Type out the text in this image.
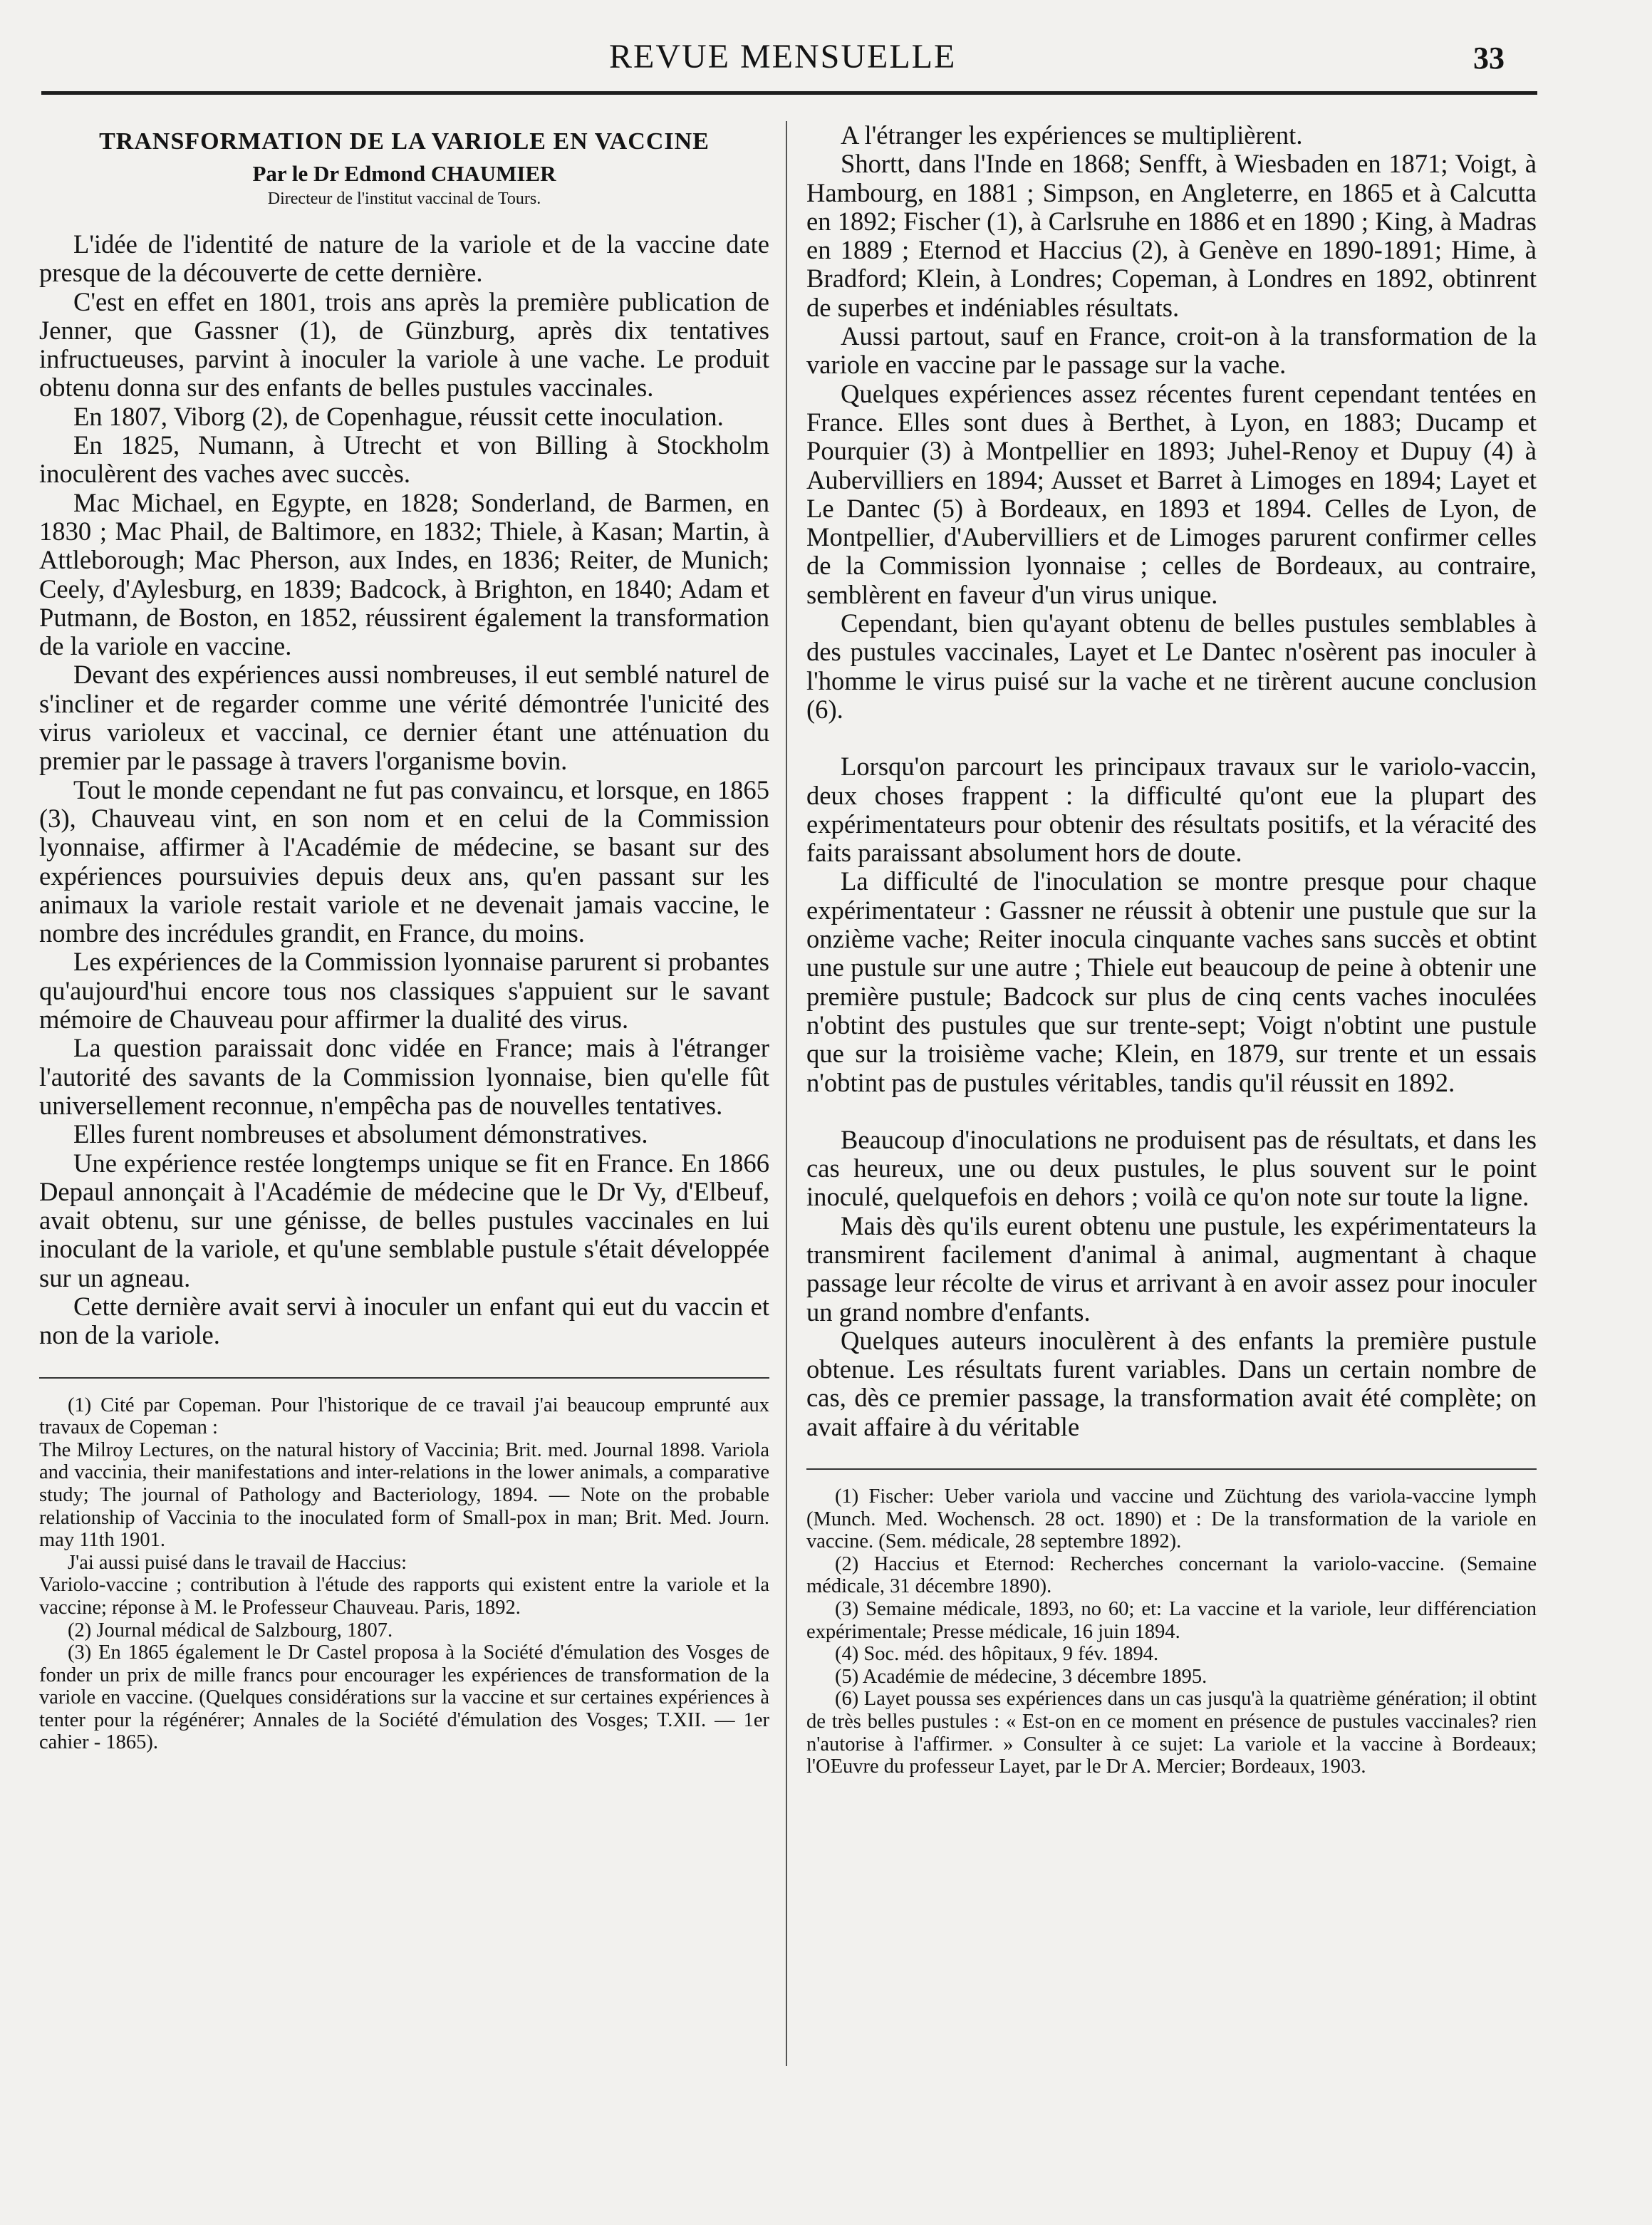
REVUE MENSUELLE	33
TRANSFORMATION DE LA VARIOLE EN VACCINE
Par le Dr Edmond CHAUMIER
Directeur de l'institut vaccinal de Tours.

L'idée de l'identité de nature de la variole et de la vaccine date presque de la découverte de cette dernière.

C'est en effet en 1801, trois ans après la première publication de Jenner, que Gassner (1), de Günzburg, après dix tentatives infructueuses, parvint à inoculer la variole à une vache. Le produit obtenu donna sur des enfants de belles pustules vaccinales.

En 1807, Viborg (2), de Copenhague, réussit cette inoculation.

En 1825, Numann, à Utrecht et von Billing à Stockholm inoculèrent des vaches avec succès.

Mac Michael, en Egypte, en 1828; Sonderland, de Barmen, en 1830 ; Mac Phail, de Baltimore, en 1832; Thiele, à Kasan; Martin, à Attleborough; Mac Pherson, aux Indes, en 1836; Reiter, de Munich; Ceely, d'Aylesburg, en 1839; Badcock, à Brighton, en 1840; Adam et Putmann, de Boston, en 1852, réussirent également la transformation de la variole en vaccine.

Devant des expériences aussi nombreuses, il eut semblé naturel de s'incliner et de regarder comme une vérité démontrée l'unicité des virus varioleux et vaccinal, ce dernier étant une atténuation du premier par le passage à travers l'organisme bovin.

Tout le monde cependant ne fut pas convaincu, et lorsque, en 1865 (3), Chauveau vint, en son nom et en celui de la Commission lyonnaise, affirmer à l'Académie de médecine, se basant sur des expériences poursuivies depuis deux ans, qu'en passant sur les animaux la variole restait variole et ne devenait jamais vaccine, le nombre des incrédules grandit, en France, du moins.

Les expériences de la Commission lyonnaise parurent si probantes qu'aujourd'hui encore tous nos classiques s'appuient sur le savant mémoire de Chauveau pour affirmer la dualité des virus.

La question paraissait donc vidée en France; mais à l'étranger l'autorité des savants de la Commission lyonnaise, bien qu'elle fût universellement reconnue, n'empêcha pas de nouvelles tentatives.

Elles furent nombreuses et absolument démonstratives.

Une expérience restée longtemps unique se fit en France. En 1866 Depaul annonçait à l'Académie de médecine que le Dr Vy, d'Elbeuf, avait obtenu, sur une génisse, de belles pustules vaccinales en lui inoculant de la variole, et qu'une semblable pustule s'était développée sur un agneau.

Cette dernière avait servi à inoculer un enfant qui eut du vaccin et non de la variole.

(1) Cité par Copeman. Pour l'historique de ce travail j'ai beaucoup emprunté aux travaux de Copeman :

The Milroy Lectures, on the natural history of Vaccinia; Brit. med. Journal 1898. Variola and vaccinia, their manifestations and inter-relations in the lower animals, a comparative study; The journal of Pathology and Bacteriology, 1894. — Note on the probable relationship of Vaccinia to the inoculated form of Small-pox in man; Brit. Med. Journ. may 11th 1901.

J'ai aussi puisé dans le travail de Haccius:

Variolo-vaccine ; contribution à l'étude des rapports qui existent entre la variole et la vaccine; réponse à M. le Professeur Chauveau. Paris, 1892.

(2) Journal médical de Salzbourg, 1807.

(3) En 1865 également le Dr Castel proposa à la Société d'émulation des Vosges de fonder un prix de mille francs pour encourager les expériences de transformation de la variole en vaccine. (Quelques considérations sur la vaccine et sur certaines expériences à tenter pour la régénérer; Annales de la Société d'émulation des Vosges; T.XII. — 1er cahier - 1865).

A l'étranger les expériences se multiplièrent.

Shortt, dans l'Inde en 1868; Senfft, à Wiesbaden en 1871; Voigt, à Hambourg, en 1881 ; Simpson, en Angleterre, en 1865 et à Calcutta en 1892; Fischer (1), à Carlsruhe en 1886 et en 1890 ; King, à Madras en 1889 ; Eternod et Haccius (2), à Genève en 1890-1891; Hime, à Bradford; Klein, à Londres; Copeman, à Londres en 1892, obtinrent de superbes et indéniables résultats.

Aussi partout, sauf en France, croit-on à la transformation de la variole en vaccine par le passage sur la vache.

Quelques expériences assez récentes furent cependant tentées en France. Elles sont dues à Berthet, à Lyon, en 1883; Ducamp et Pourquier (3) à Montpellier en 1893; Juhel-Renoy et Dupuy (4) à Aubervilliers en 1894; Ausset et Barret à Limoges en 1894; Layet et Le Dantec (5) à Bordeaux, en 1893 et 1894. Celles de Lyon, de Montpellier, d'Aubervilliers et de Limoges parurent confirmer celles de la Commission lyonnaise ; celles de Bordeaux, au contraire, semblèrent en faveur d'un virus unique.

Cependant, bien qu'ayant obtenu de belles pustules semblables à des pustules vaccinales, Layet et Le Dantec n'osèrent pas inoculer à l'homme le virus puisé sur la vache et ne tirèrent aucune conclusion (6).

Lorsqu'on parcourt les principaux travaux sur le variolo-vaccin, deux choses frappent : la difficulté qu'ont eue la plupart des expérimentateurs pour obtenir des résultats positifs, et la véracité des faits paraissant absolument hors de doute.

La difficulté de l'inoculation se montre presque pour chaque expérimentateur : Gassner ne réussit à obtenir une pustule que sur la onzième vache; Reiter inocula cinquante vaches sans succès et obtint une pustule sur une autre ; Thiele eut beaucoup de peine à obtenir une première pustule; Badcock sur plus de cinq cents vaches inoculées n'obtint des pustules que sur trente-sept; Voigt n'obtint une pustule que sur la troisième vache; Klein, en 1879, sur trente et un essais n'obtint pas de pustules véritables, tandis qu'il réussit en 1892.

Beaucoup d'inoculations ne produisent pas de résultats, et dans les cas heureux, une ou deux pustules, le plus souvent sur le point inoculé, quelquefois en dehors ; voilà ce qu'on note sur toute la ligne.

Mais dès qu'ils eurent obtenu une pustule, les expérimentateurs la transmirent facilement d'animal à animal, augmentant à chaque passage leur récolte de virus et arrivant à en avoir assez pour inoculer un grand nombre d'enfants.

Quelques auteurs inoculèrent à des enfants la première pustule obtenue. Les résultats furent variables. Dans un certain nombre de cas, dès ce premier passage, la transformation avait été complète; on avait affaire à du véritable

(1) Fischer: Ueber variola und vaccine und Züchtung des variola-vaccine lymph (Munch. Med. Wochensch. 28 oct. 1890) et : De la transformation de la variole en vaccine. (Sem. médicale, 28 septembre 1892).

(2) Haccius et Eternod: Recherches concernant la variolo-vaccine. (Semaine médicale, 31 décembre 1890).

(3) Semaine médicale, 1893, no 60; et: La vaccine et la variole, leur différenciation expérimentale; Presse médicale, 16 juin 1894.

(4) Soc. méd. des hôpitaux, 9 fév. 1894.

(5) Académie de médecine, 3 décembre 1895.

(6) Layet poussa ses expériences dans un cas jusqu'à la quatrième génération; il obtint de très belles pustules : « Est-on en ce moment en présence de pustules vaccinales? rien n'autorise à l'affirmer. » Consulter à ce sujet: La variole et la vaccine à Bordeaux; l'OEuvre du professeur Layet, par le Dr A. Mercier; Bordeaux, 1903.
